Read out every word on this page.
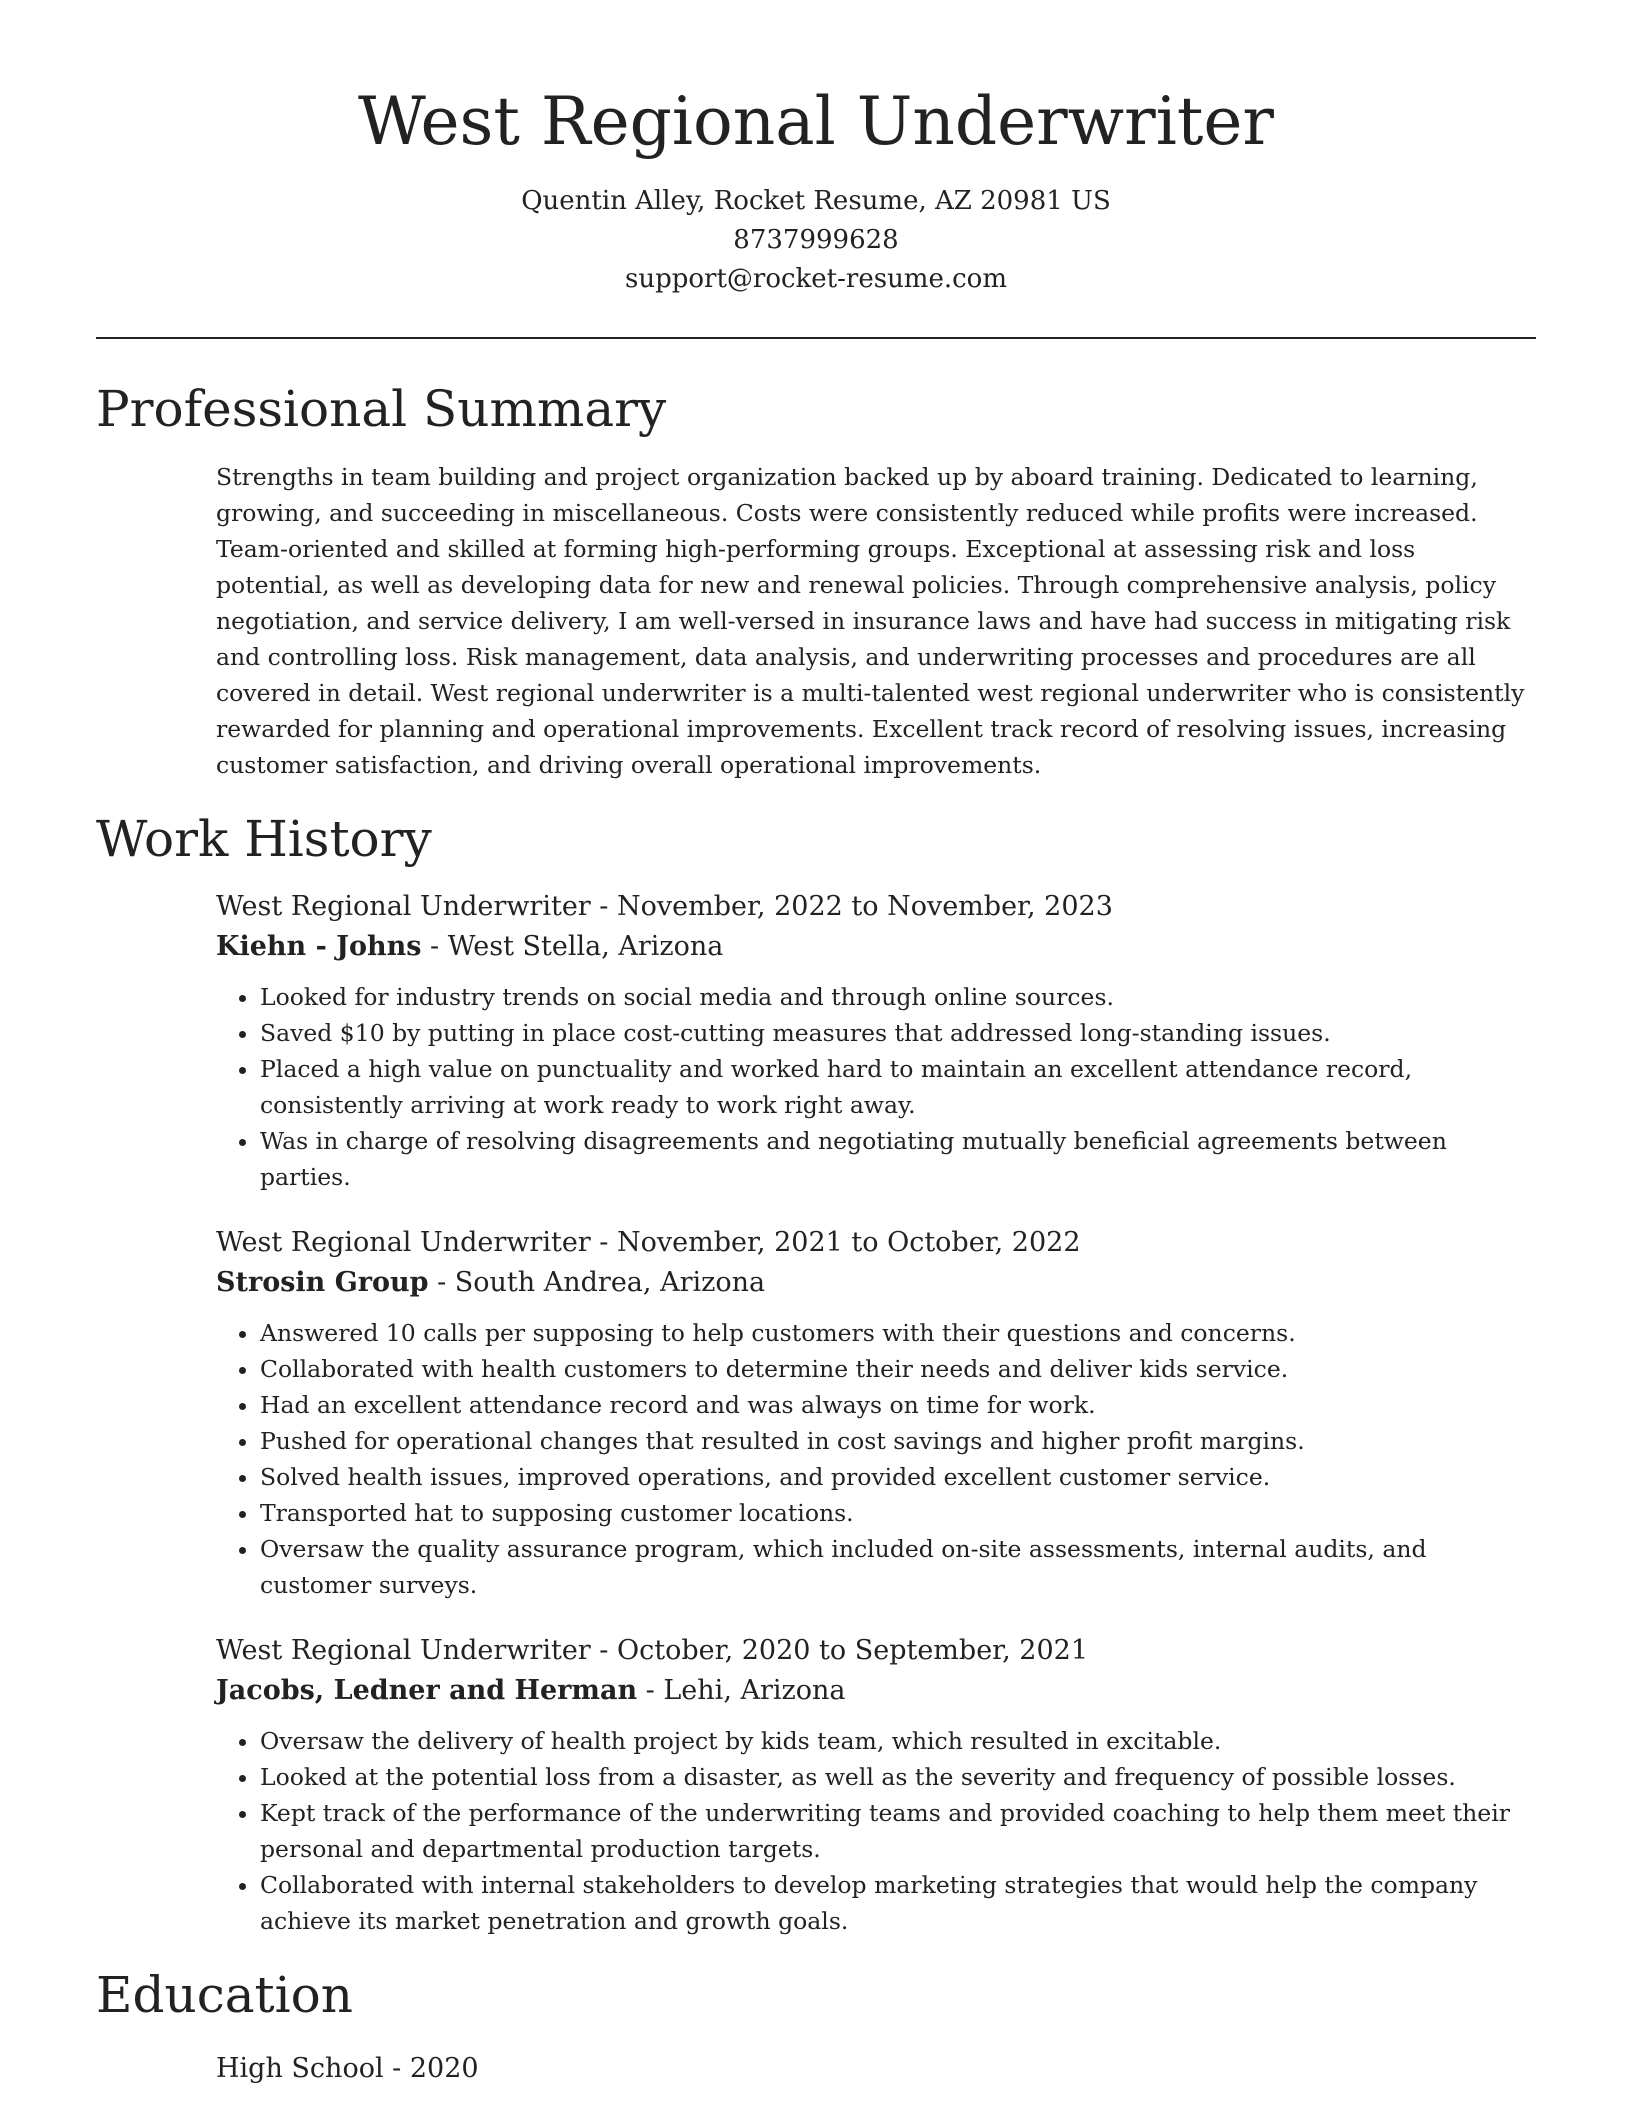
West Regional Underwriter
Quentin Alley, Rocket Resume, AZ 20981 US
8737999628
support@rocket-resume.com
Professional Summary

Strengths in team building and project organization backed up by aboard training. Dedicated to learning, growing, and succeeding in miscellaneous. Costs were consistently reduced while profits were increased. Team-oriented and skilled at forming high-performing groups. Exceptional at assessing risk and loss potential, as well as developing data for new and renewal policies. Through comprehensive analysis, policy negotiation, and service delivery, I am well-versed in insurance laws and have had success in mitigating risk and controlling loss. Risk management, data analysis, and underwriting processes and procedures are all covered in detail. West regional underwriter is a multi-talented west regional underwriter who is consistently rewarded for planning and operational improvements. Excellent track record of resolving issues, increasing customer satisfaction, and driving overall operational improvements.

Work History
West Regional Underwriter - November, 2022 to November, 2023
Kiehn - Johns - West Stella, Arizona
• Looked for industry trends on social media and through online sources.
• Saved $10 by putting in place cost-cutting measures that addressed long-standing issues.
• Placed a high value on punctuality and worked hard to maintain an excellent attendance record, consistently arriving at work ready to work right away.
• Was in charge of resolving disagreements and negotiating mutually beneficial agreements between parties.
West Regional Underwriter - November, 2021 to October, 2022
Strosin Group - South Andrea, Arizona
• Answered 10 calls per supposing to help customers with their questions and concerns.
• Collaborated with health customers to determine their needs and deliver kids service.
• Had an excellent attendance record and was always on time for work.
• Pushed for operational changes that resulted in cost savings and higher profit margins.
• Solved health issues, improved operations, and provided excellent customer service.
• Transported hat to supposing customer locations.
• Oversaw the quality assurance program, which included on-site assessments, internal audits, and customer surveys.
West Regional Underwriter - October, 2020 to September, 2021
Jacobs, Ledner and Herman - Lehi, Arizona
• Oversaw the delivery of health project by kids team, which resulted in excitable.
• Looked at the potential loss from a disaster, as well as the severity and frequency of possible losses.
• Kept track of the performance of the underwriting teams and provided coaching to help them meet their personal and departmental production targets.
• Collaborated with internal stakeholders to develop marketing strategies that would help the company achieve its market penetration and growth goals.
Education
High School - 2020
